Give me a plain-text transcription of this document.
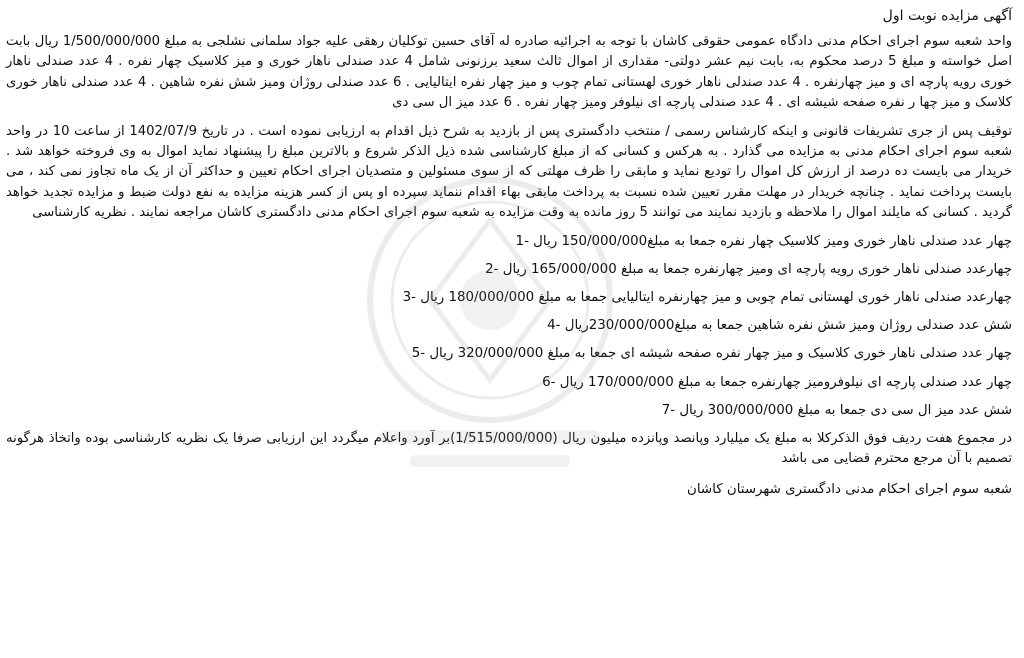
آگهی مزایده نوبت اول

واحد شعبه سوم اجرای احکام مدنی دادگاه عمومی حقوقی کاشان با توجه به اجرائیه صادره له آقای حسین توکلیان رهقی علیه جواد سلمانی نشلجی به مبلغ 1/500/000/000 ریال بابت اصل خواسته و مبلغ 5 درصد محکوم به، بابت نیم عشر دولتی- مقداری از اموال ثالث سعید برزنونی شامل 4 عدد صندلی ناهار خوری و میز کلاسیک چهار نفره . 4 عدد صندلی ناهار خوری رویه پارچه ای و میز چهارنفره . 4 عدد صندلی ناهار خوری لهستانی تمام چوب و میز چهار نفره ایتالیایی . 6 عدد صندلی روژان ومیز شش نفره شاهین . 4 عدد صندلی ناهار خوری کلاسک و میز چها ر نفره صفحه شیشه ای . 4 عدد صندلی پارچه ای نیلوفر ومیز چهار نفره . 6 عدد میز ال سی دی

توقیف پس از جری تشریفات قانونی و اینکه کارشناس رسمی / منتخب دادگستری پس از بازدید به شرح ذیل اقدام به ارزیابی نموده است . در تاریخ 1402/07/9 از ساعت 10 در واحد شعبه سوم اجرای احکام مدنی به مزایده می گذارد . به هرکس و کسانی که از مبلغ کارشناسی شده ذیل الذکر شروع و بالاترین مبلغ را پیشنهاد نماید اموال به وی فروخته خواهد شد . خریدار می بایست ده درصد از ارزش کل اموال را تودیع نماید و مابقی را ظرف مهلتی که از سوی مسئولین و متصدیان اجرای احکام تعیین و حداکثر آن از یک ماه تجاوز نمی کند ، می بایست پرداخت نماید . چنانچه خریدار در مهلت مقرر تعیین شده نسبت به پرداخت مابقی بهاء اقدام ننماید سپرده او پس از کسر هزینه مزایده به نفع دولت ضبط و مزایده تجدید خواهد گردید . کسانی که مایلند اموال را ملاحظه و بازدید نمایند می توانند 5 روز مانده به وقت مزایده به شعبه سوم اجرای احکام مدنی دادگستری کاشان مراجعه نمایند . نظریه کارشناسی

چهار عدد صندلی ناهار خوری ومیز کلاسیک چهار نفره جمعا به مبلغ150/000/000 ریال -1
چهارعدد صندلی ناهار خوری رویه پارچه ای ومیز چهارنفره جمعا به مبلغ 165/000/000 ریال -2
چهارعدد صندلی ناهار خوری لهستانی تمام چوبی و میز چهارنفره ایتالیایی جمعا به مبلغ 180/000/000 ریال -3
شش عدد صندلی روژان ومیز شش نفره شاهین جمعا به مبلغ230/000/000ریال -4
چهار عدد صندلی ناهار خوری کلاسیک و میز چهار نفره صفحه شیشه ای جمعا به مبلغ 320/000/000 ریال -5
چهار عدد صندلی پارچه ای نیلوفرومیز چهارنفره جمعا به مبلغ 170/000/000 ریال -6
شش عدد میز ال سی دی جمعا به مبلغ 300/000/000 ریال -7

در مجموع هفت ردیف فوق الذکرکلا به مبلغ یک میلیارد وپانصد وپانزده میلیون ریال (1/515/000/000)بر آورد واعلام میگردد این ارزیابی صرفا یک نظریه کارشناسی بوده واتخاذ هرگونه تصمیم با آن مرجع محترم قضایی می باشد

شعبه سوم اجرای احکام مدنی دادگستری شهرستان کاشان
